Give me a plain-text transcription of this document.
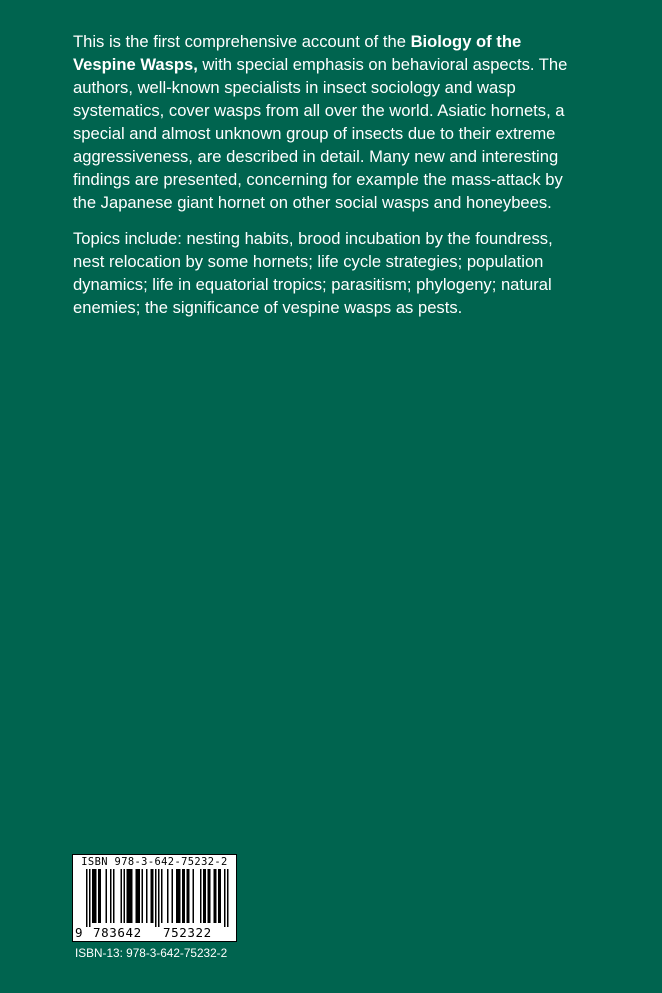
This is the first comprehensive account of the Biology of the Vespine Wasps, with special emphasis on behavioral aspects. The authors, well-known specialists in insect sociology and wasp systematics, cover wasps from all over the world. Asiatic hornets, a special and almost unknown group of insects due to their extreme aggressiveness, are described in detail. Many new and interesting findings are presented, concerning for example the mass-attack by the Japanese giant hornet on other social wasps and honeybees.

Topics include: nesting habits, brood incubation by the foundress, nest relocation by some hornets; life cycle strategies; population dynamics; life in equatorial tropics; parasitism; phylogeny; natural enemies; the significance of vespine wasps as pests.

ISBN 978-3-642-75232-2
9 783642 752322
ISBN-13: 978-3-642-75232-2
